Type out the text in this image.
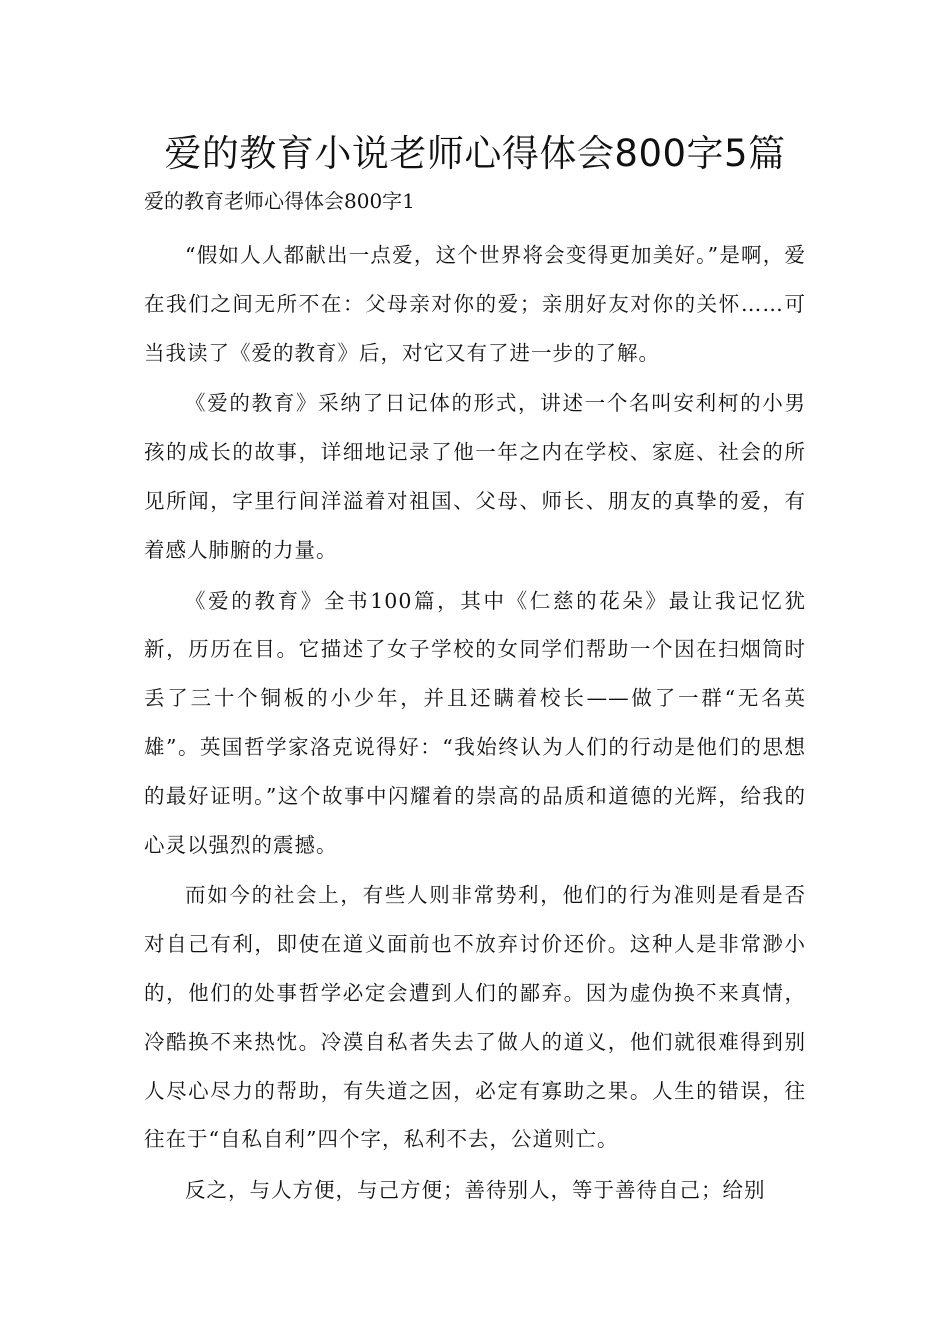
爱的教育小说老师心得体会800字5篇
爱的教育老师心得体会800字1

“假如人人都献出一点爱，这个世界将会变得更加美好。”是啊，爱在我们之间无所不在：父母亲对你的爱；亲朋好友对你的关怀……可当我读了《爱的教育》后，对它又有了进一步的了解。

《爱的教育》采纳了日记体的形式，讲述一个名叫安利柯的小男孩的成长的故事，详细地记录了他一年之内在学校、家庭、社会的所见所闻，字里行间洋溢着对祖国、父母、师长、朋友的真挚的爱，有着感人肺腑的力量。

《爱的教育》全书100篇，其中《仁慈的花朵》最让我记忆犹新，历历在目。它描述了女子学校的女同学们帮助一个因在扫烟筒时丢了三十个铜板的小少年，并且还瞒着校长——做了一群“无名英雄”。英国哲学家洛克说得好：“我始终认为人们的行动是他们的思想的最好证明。”这个故事中闪耀着的崇高的品质和道德的光辉，给我的心灵以强烈的震撼。

而如今的社会上，有些人则非常势利，他们的行为准则是看是否对自己有利，即使在道义面前也不放弃讨价还价。这种人是非常渺小的，他们的处事哲学必定会遭到人们的鄙弃。因为虚伪换不来真情，冷酷换不来热忱。冷漠自私者失去了做人的道义，他们就很难得到别人尽心尽力的帮助，有失道之因，必定有寡助之果。人生的错误，往往在于“自私自利”四个字，私利不去，公道则亡。

反之，与人方便，与己方便；善待别人，等于善待自己；给别
